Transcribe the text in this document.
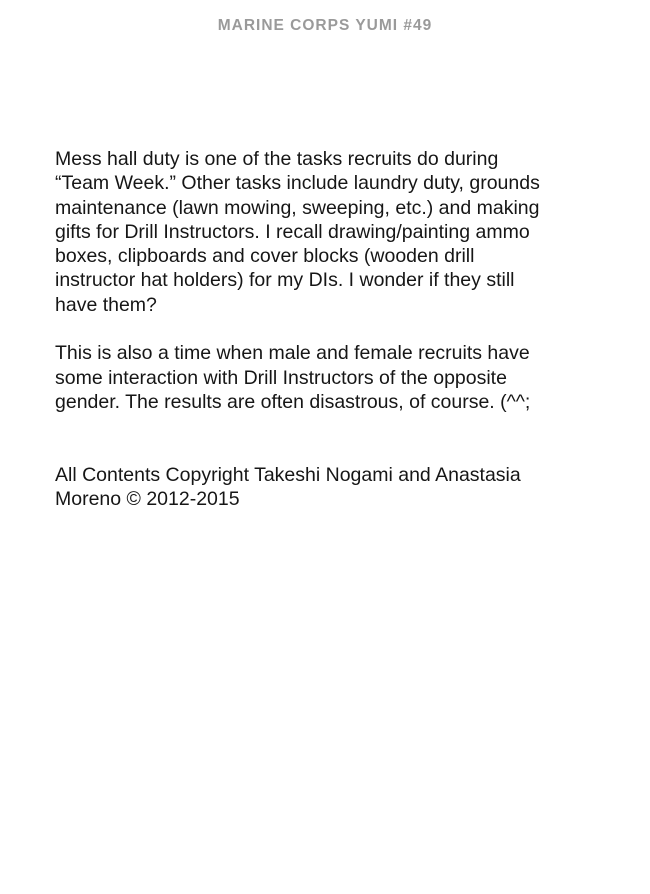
MARINE CORPS YUMI #49
Mess hall duty is one of the tasks recruits do during
“Team Week.” Other tasks include laundry duty, grounds
maintenance (lawn mowing, sweeping, etc.) and making
gifts for Drill Instructors. I recall drawing/painting ammo
boxes, clipboards and cover blocks (wooden drill
instructor hat holders) for my DIs. I wonder if they still
have them?
This is also a time when male and female recruits have
some interaction with Drill Instructors of the opposite
gender. The results are often disastrous, of course. (^^;
All Contents Copyright Takeshi Nogami and Anastasia
Moreno © 2012-2015
